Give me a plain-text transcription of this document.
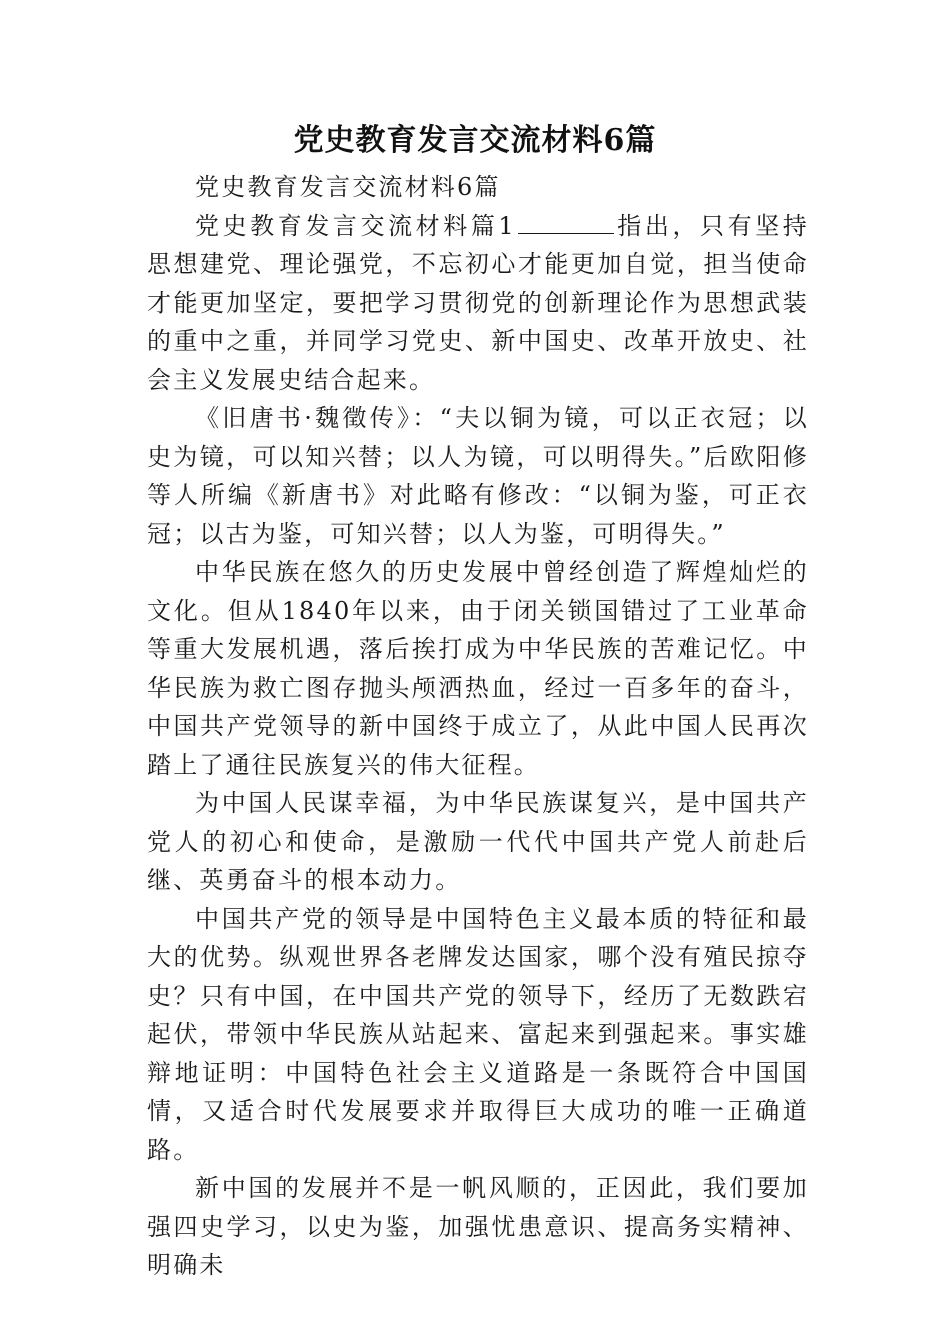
党史教育发言交流材料6篇

党史教育发言交流材料6篇

党史教育发言交流材料篇1	指出，只有坚持思想建党、理论强党，不忘初心才能更加自觉，担当使命才能更加坚定，要把学习贯彻党的创新理论作为思想武装的重中之重，并同学习党史、新中国史、改革开放史、社会主义发展史结合起来。

《旧唐书·魏徵传》：“夫以铜为镜，可以正衣冠；以史为镜，可以知兴替；以人为镜，可以明得失。”后欧阳修等人所编《新唐书》对此略有修改：“以铜为鉴，可正衣冠；以古为鉴，可知兴替；以人为鉴，可明得失。”

中华民族在悠久的历史发展中曾经创造了辉煌灿烂的文化。但从1840年以来，由于闭关锁国错过了工业革命等重大发展机遇，落后挨打成为中华民族的苦难记忆。中华民族为救亡图存抛头颅洒热血，经过一百多年的奋斗，中国共产党领导的新中国终于成立了，从此中国人民再次踏上了通往民族复兴的伟大征程。

为中国人民谋幸福，为中华民族谋复兴，是中国共产党人的初心和使命，是激励一代代中国共产党人前赴后继、英勇奋斗的根本动力。

中国共产党的领导是中国特色主义最本质的特征和最大的优势。纵观世界各老牌发达国家，哪个没有殖民掠夺史？只有中国，在中国共产党的领导下，经历了无数跌宕起伏，带领中华民族从站起来、富起来到强起来。事实雄辩地证明：中国特色社会主义道路是一条既符合中国国情，又适合时代发展要求并取得巨大成功的唯一正确道路。

新中国的发展并不是一帆风顺的，正因此，我们要加强四史学习，以史为鉴，加强忧患意识、提高务实精神、明确未
